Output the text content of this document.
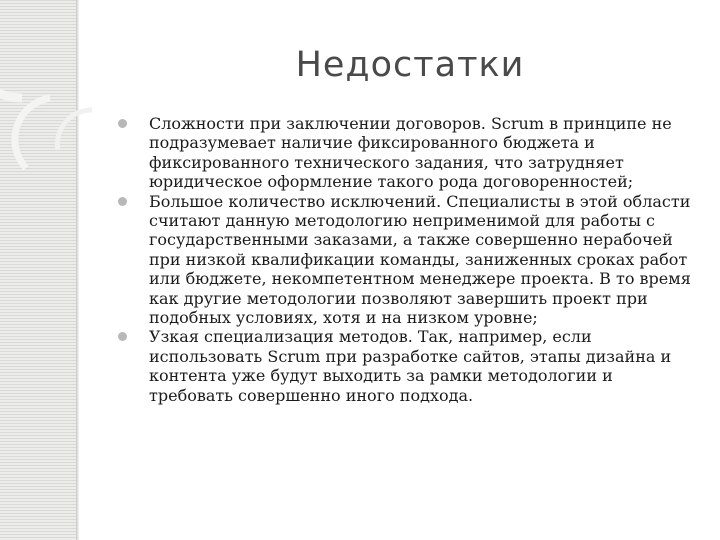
Недостатки
Сложности при заключении договоров. Scrum в принципе не подразумевает наличие фиксированного бюджета и фиксированного технического задания, что затрудняет юридическое оформление такого рода договоренностей;
Большое количество исключений. Специалисты в этой области считают данную методологию неприменимой для работы с государственными заказами, а также совершенно нерабочей при низкой квалификации команды, заниженных сроках работ или бюджете, некомпетентном менеджере проекта. В то время как другие методологии позволяют завершить проект при подобных условиях, хотя и на низком уровне;
Узкая специализация методов. Так, например, если использовать Scrum при разработке сайтов, этапы дизайна и контента уже будут выходить за рамки методологии и требовать совершенно иного подхода.
